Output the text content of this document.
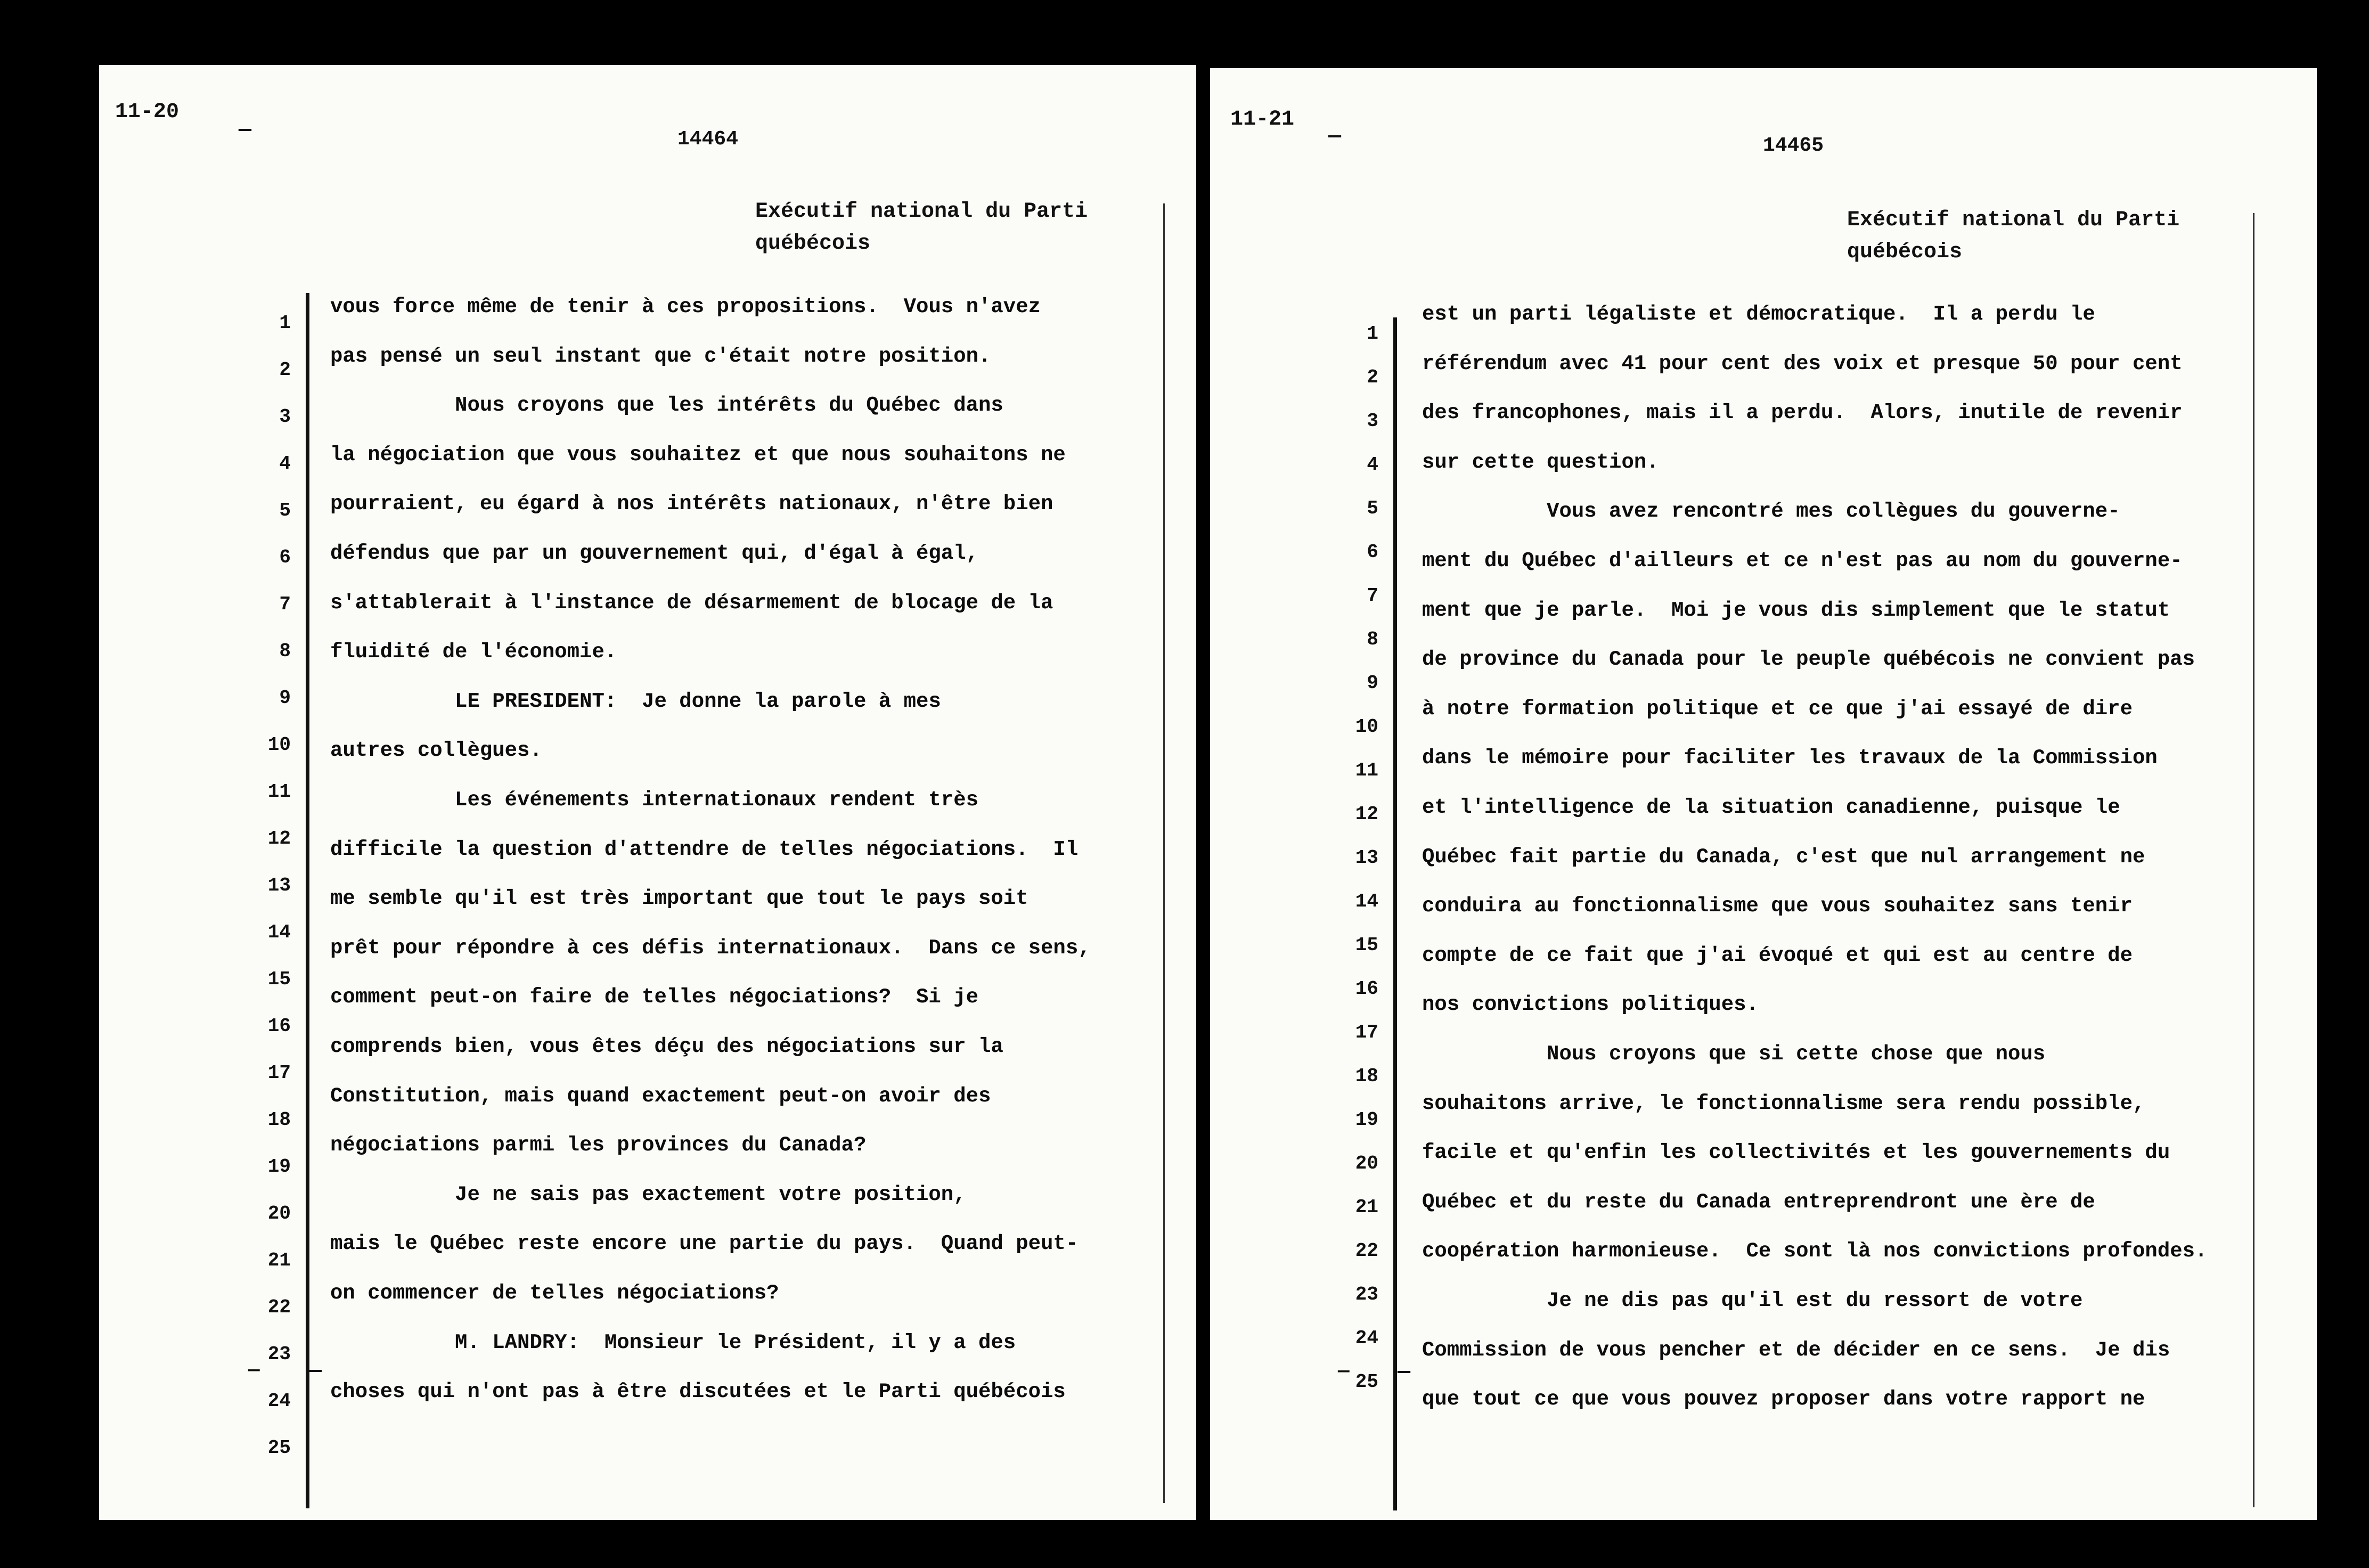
11-20
—	14464
Exécutif national du Parti
québécois
— —
1
2
3
4
5
6
7
8
9
10
11
12
13
14
15
16
17
18
19
20
21
22
23
24
25
vous force même de tenir à ces propositions.  Vous n'avez
pas pensé un seul instant que c'était notre position.
Nous croyons que les intérêts du Québec dans
la négociation que vous souhaitez et que nous souhaitons ne
pourraient, eu égard à nos intérêts nationaux, n'être bien
défendus que par un gouvernement qui, d'égal à égal,
s'attablerait à l'instance de désarmement de blocage de la
fluidité de l'économie.
LE PRESIDENT:  Je donne la parole à mes
autres collègues.
Les événements internationaux rendent très
difficile la question d'attendre de telles négociations.  Il
me semble qu'il est très important que tout le pays soit
prêt pour répondre à ces défis internationaux.  Dans ce sens,
comment peut-on faire de telles négociations?  Si je
comprends bien, vous êtes déçu des négociations sur la
Constitution, mais quand exactement peut-on avoir des
négociations parmi les provinces du Canada?
Je ne sais pas exactement votre position,
mais le Québec reste encore une partie du pays.  Quand peut-
on commencer de telles négociations?
M. LANDRY:  Monsieur le Président, il y a des
choses qui n'ont pas à être discutées et le Parti québécois
11-21
—	14465
Exécutif national du Parti
québécois
— —
1
2
3
4
5
6
7
8
9
10
11
12
13
14
15
16
17
18
19
20
21
22
23
24
25
est un parti légaliste et démocratique.  Il a perdu le
référendum avec 41 pour cent des voix et presque 50 pour cent
des francophones, mais il a perdu.  Alors, inutile de revenir
sur cette question.
Vous avez rencontré mes collègues du gouverne-
ment du Québec d'ailleurs et ce n'est pas au nom du gouverne-
ment que je parle.  Moi je vous dis simplement que le statut
de province du Canada pour le peuple québécois ne convient pas
à notre formation politique et ce que j'ai essayé de dire
dans le mémoire pour faciliter les travaux de la Commission
et l'intelligence de la situation canadienne, puisque le
Québec fait partie du Canada, c'est que nul arrangement ne
conduira au fonctionnalisme que vous souhaitez sans tenir
compte de ce fait que j'ai évoqué et qui est au centre de
nos convictions politiques.
Nous croyons que si cette chose que nous
souhaitons arrive, le fonctionnalisme sera rendu possible,
facile et qu'enfin les collectivités et les gouvernements du
Québec et du reste du Canada entreprendront une ère de
coopération harmonieuse.  Ce sont là nos convictions profondes.
Je ne dis pas qu'il est du ressort de votre
Commission de vous pencher et de décider en ce sens.  Je dis
que tout ce que vous pouvez proposer dans votre rapport ne
